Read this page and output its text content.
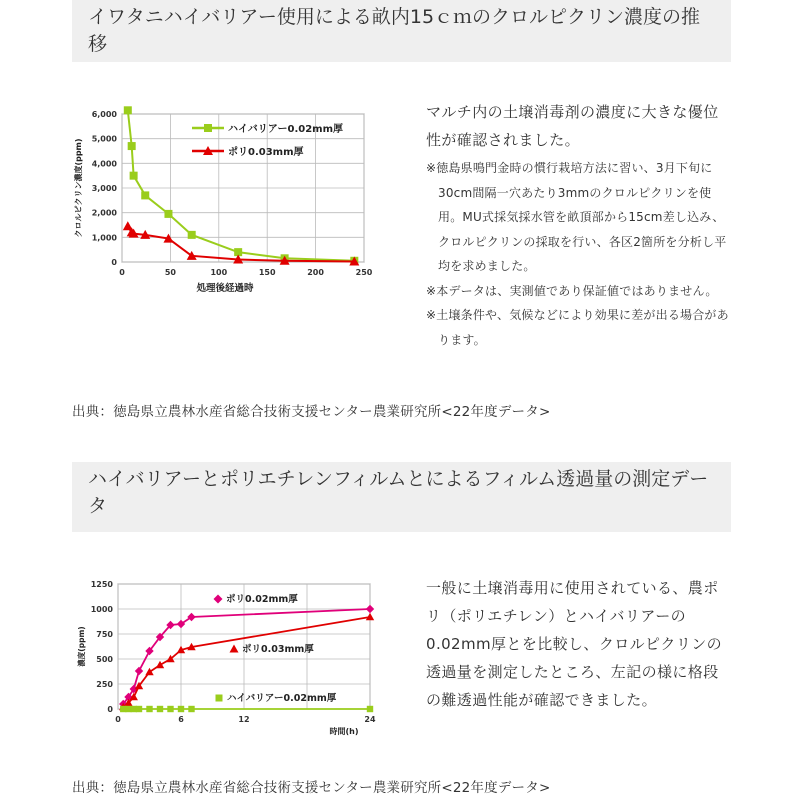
イワタニハイバリアー使用による畝内15ｃｍのクロルピクリン濃度の推移
0
1,000
2,000
3,000
4,000
5,000
6,000
0	50	100	150	200	250
処理後経過時
クロルピクリン濃度(ppm)
ハイバリアー0.02mm厚
ポリ0.03mm厚
マルチ内の土壌消毒剤の濃度に大きな優位性が確認されました。
※徳島県鳴門金時の慣行栽培方法に習い、3月下旬に30cm間隔一穴あたり3mmのクロルピクリンを使用。MU式採気採水管を畝頂部から15cm差し込み、クロルピクリンの採取を行い、各区2箇所を分析し平均を求めました。
※本データは、実測値であり保証値ではありません。
※土壌条件や、気候などにより効果に差が出る場合があります。
出典：徳島県立農林水産省総合技術支援センター農業研究所<22年度データ>
ハイバリアーとポリエチレンフィルムとによるフィルム透過量の測定データ
0
250
500
750
1000
1250
0	6	12	24
時間(h)
濃度(ppm)
ポリ0.02mm厚
ポリ0.03mm厚
ハイバリアー0.02mm厚
一般に土壌消毒用に使用されている、農ポリ（ポリエチレン）とハイバリアーの0.02mm厚とを比較し、クロルピクリンの透過量を測定したところ、左記の様に格段の難透過性能が確認できました。
出典：徳島県立農林水産省総合技術支援センター農業研究所<22年度データ>
